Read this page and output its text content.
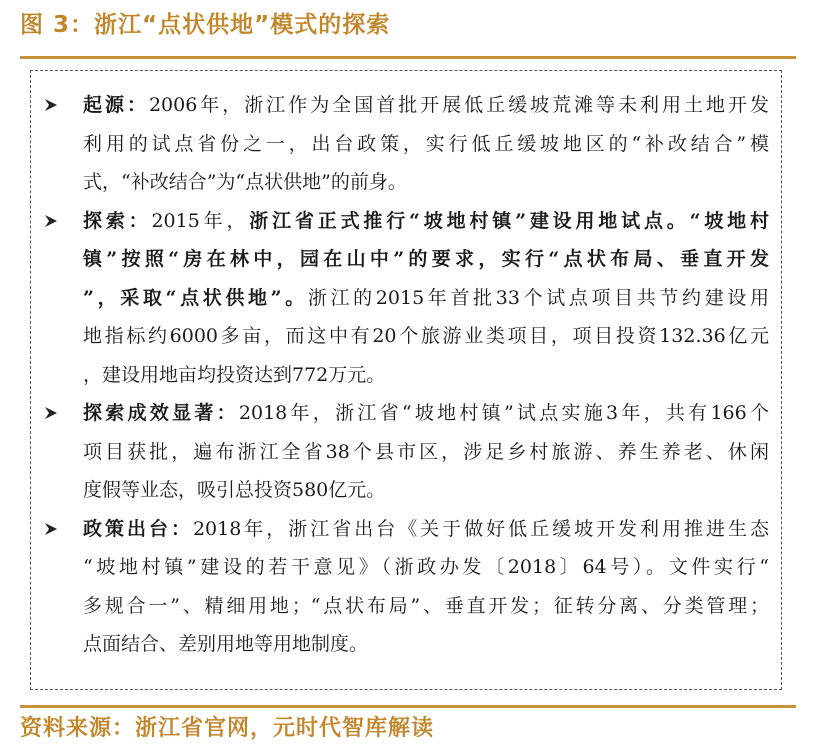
图 3：浙江“点状供地”模式的探索
起源：2006年，浙江作为全国首批开展低丘缓坡荒滩等未利用土地开发
利用的试点省份之一，出台政策，实行低丘缓坡地区的“补改结合”模
式，“补改结合”为“点状供地”的前身。
探索：2015年，浙江省正式推行“坡地村镇”建设用地试点。“坡地村
镇”按照“房在林中，园在山中”的要求，实行“点状布局、垂直开发
”，采取“点状供地”。浙江的2015年首批33个试点项目共节约建设用
地指标约6000多亩，而这中有20个旅游业类项目，项目投资132.36亿元
，建设用地亩均投资达到772万元。
探索成效显著：2018年，浙江省“坡地村镇”试点实施3年，共有166个
项目获批，遍布浙江全省38个县市区，涉足乡村旅游、养生养老、休闲
度假等业态，吸引总投资580亿元。
政策出台：2018年，浙江省出台《关于做好低丘缓坡开发利用推进生态
“坡地村镇”建设的若干意见》（浙政办发〔2018〕64号）。文件实行“
多规合一”、精细用地；“点状布局”、垂直开发；征转分离、分类管理；
点面结合、差别用地等用地制度。
资料来源：浙江省官网，元时代智库解读
